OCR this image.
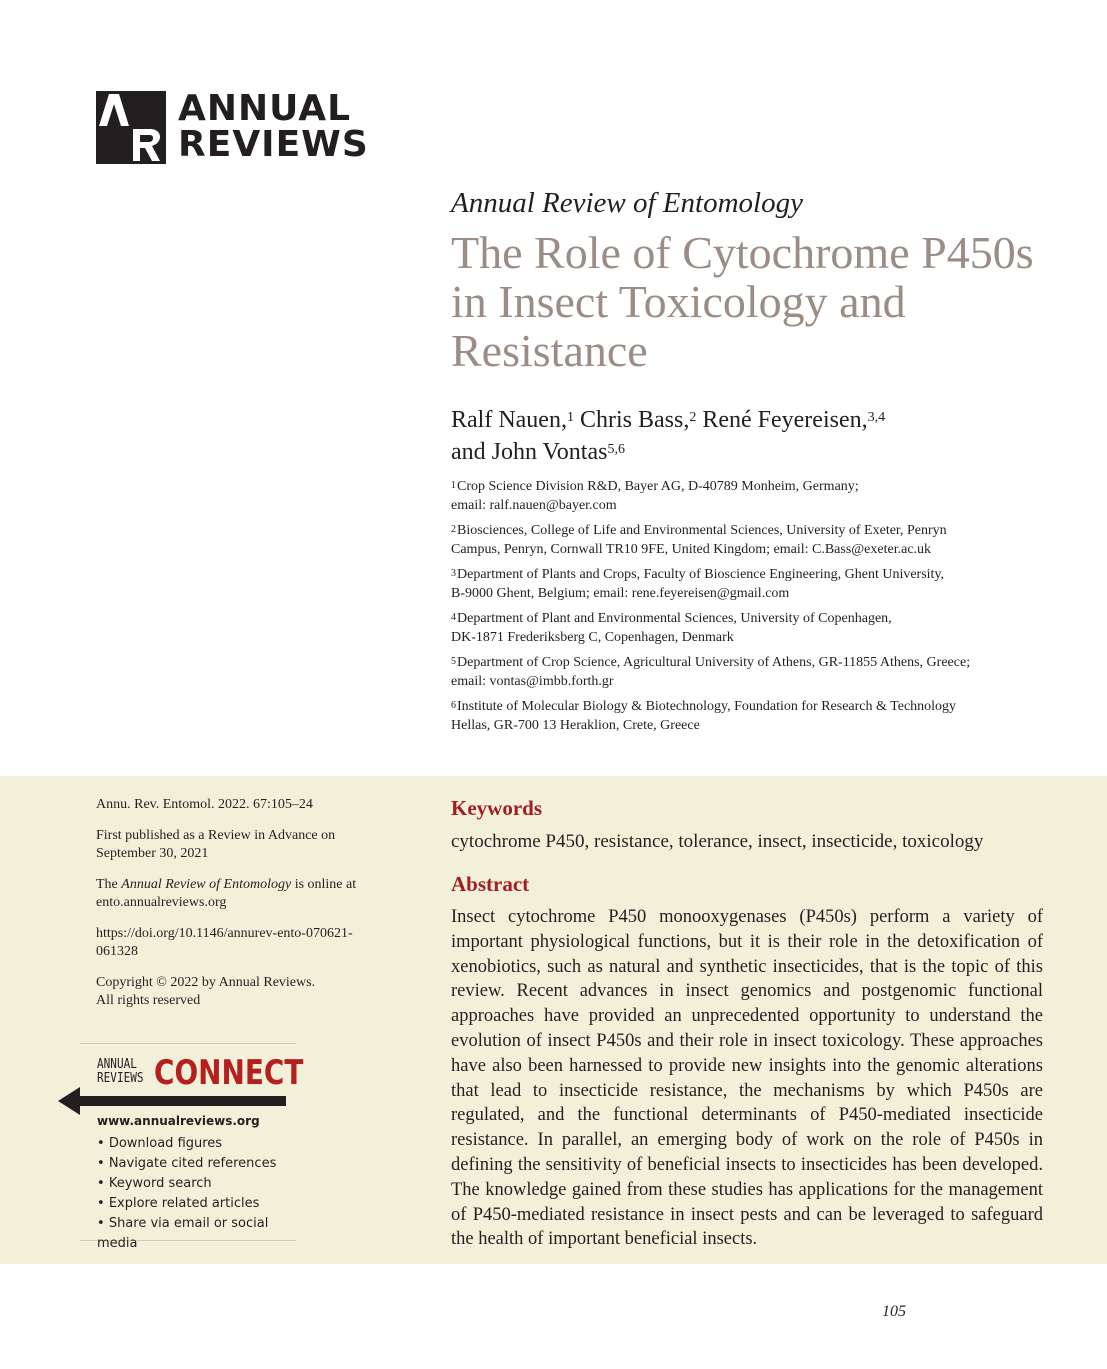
ANNUAL
REVIEWS
Annual Review of Entomology
The Role of Cytochrome P450s in Insect Toxicology and Resistance
Ralf Nauen,$^1$ Chris Bass,$^2$ René Feyereisen,$^{3,4}$
and John Vontas$^{5,6}$
$^1$Crop Science Division R&D, Bayer AG, D-40789 Monheim, Germany;
email: ralf.nauen@bayer.com
$^2$Biosciences, College of Life and Environmental Sciences, University of Exeter, Penryn
Campus, Penryn, Cornwall TR10 9FE, United Kingdom; email: C.Bass@exeter.ac.uk
$^3$Department of Plants and Crops, Faculty of Bioscience Engineering, Ghent University,
B-9000 Ghent, Belgium; email: rene.feyereisen@gmail.com
$^4$Department of Plant and Environmental Sciences, University of Copenhagen,
DK-1871 Frederiksberg C, Copenhagen, Denmark
$^5$Department of Crop Science, Agricultural University of Athens, GR-11855 Athens, Greece;
email: vontas@imbb.forth.gr
$^6$Institute of Molecular Biology & Biotechnology, Foundation for Research & Technology
Hellas, GR-700 13 Heraklion, Crete, Greece

Annu. Rev. Entomol. 2022. 67:105–24

First published as a Review in Advance on
September 30, 2021

The Annual Review of Entomology is online at
ento.annualreviews.org

https://doi.org/10.1146/annurev-ento-070621-
061328

Copyright © 2022 by Annual Reviews.
All rights reserved

ANNUAL
REVIEWS CONNECT
www.annualreviews.org
• Download figures
• Navigate cited references
• Keyword search
• Explore related articles
• Share via email or social media
Keywords
cytochrome P450, resistance, tolerance, insect, insecticide, toxicology
Abstract
Insect cytochrome P450 monooxygenases (P450s) perform a variety of important physiological functions, but it is their role in the detoxification of xenobiotics, such as natural and synthetic insecticides, that is the topic of this review. Recent advances in insect genomics and postgenomic functional approaches have provided an unprecedented opportunity to understand the evolution of insect P450s and their role in insect toxicology. These approaches have also been harnessed to provide new insights into the genomic alterations that lead to insecticide resistance, the mechanisms by which P450s are regulated, and the functional determinants of P450-mediated insecticide resistance. In parallel, an emerging body of work on the role of P450s in defining the sensitivity of beneficial insects to insecticides has been developed. The knowledge gained from these studies has applications for the management of P450-mediated resistance in insect pests and can be leveraged to safeguard the health of important beneficial insects.
105
